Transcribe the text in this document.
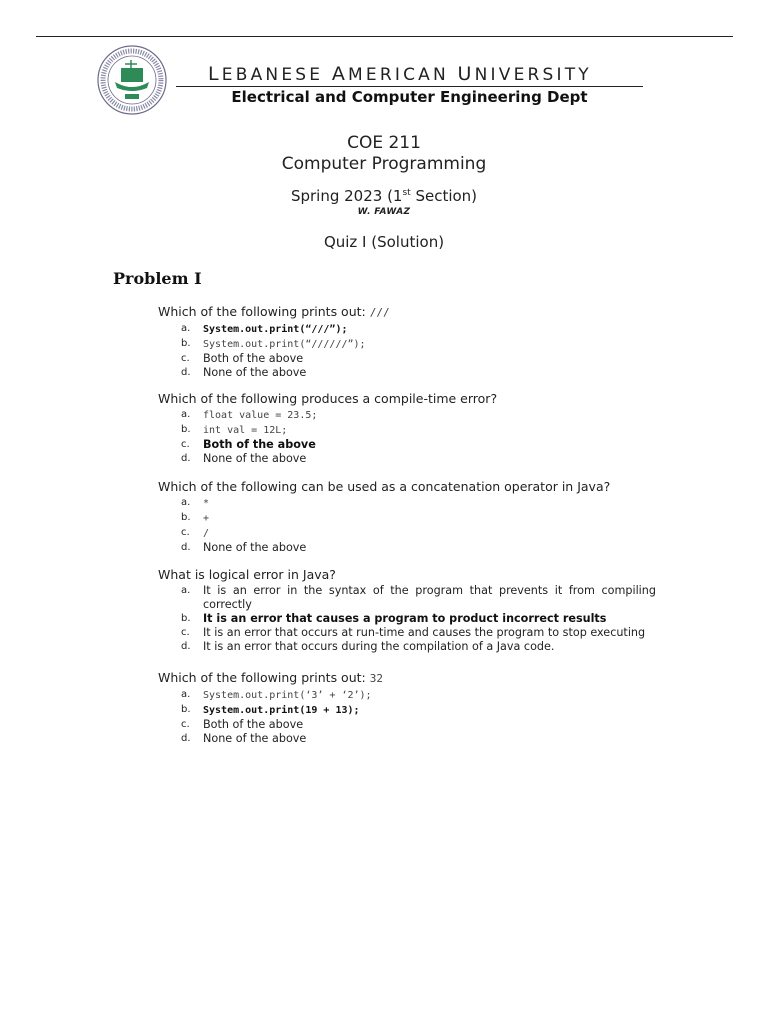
LEBANESE AMERICAN UNIVERSITY
Electrical and Computer Engineering Dept
COE 211
Computer Programming
Spring 2023 (1st Section)
W. FAWAZ
Quiz I (Solution)
Problem I
Which of the following prints out: ///
a. System.out.print(“///”);
b. System.out.print(“//////”);
c. Both of the above
d. None of the above
Which of the following produces a compile-time error?
a. float value = 23.5;
b. int val = 12L;
c. Both of the above
d. None of the above
Which of the following can be used as a concatenation operator in Java?
a. *
b. +
c. /
d. None of the above
What is logical error in Java?
a. It is an error in the syntax of the program that prevents it from compiling correctly
b. It is an error that causes a program to product incorrect results
c. It is an error that occurs at run-time and causes the program to stop executing
d. It is an error that occurs during the compilation of a Java code.
Which of the following prints out: 32
a. System.out.print(‘3’ + ‘2’);
b. System.out.print(19 + 13);
c. Both of the above
d. None of the above
